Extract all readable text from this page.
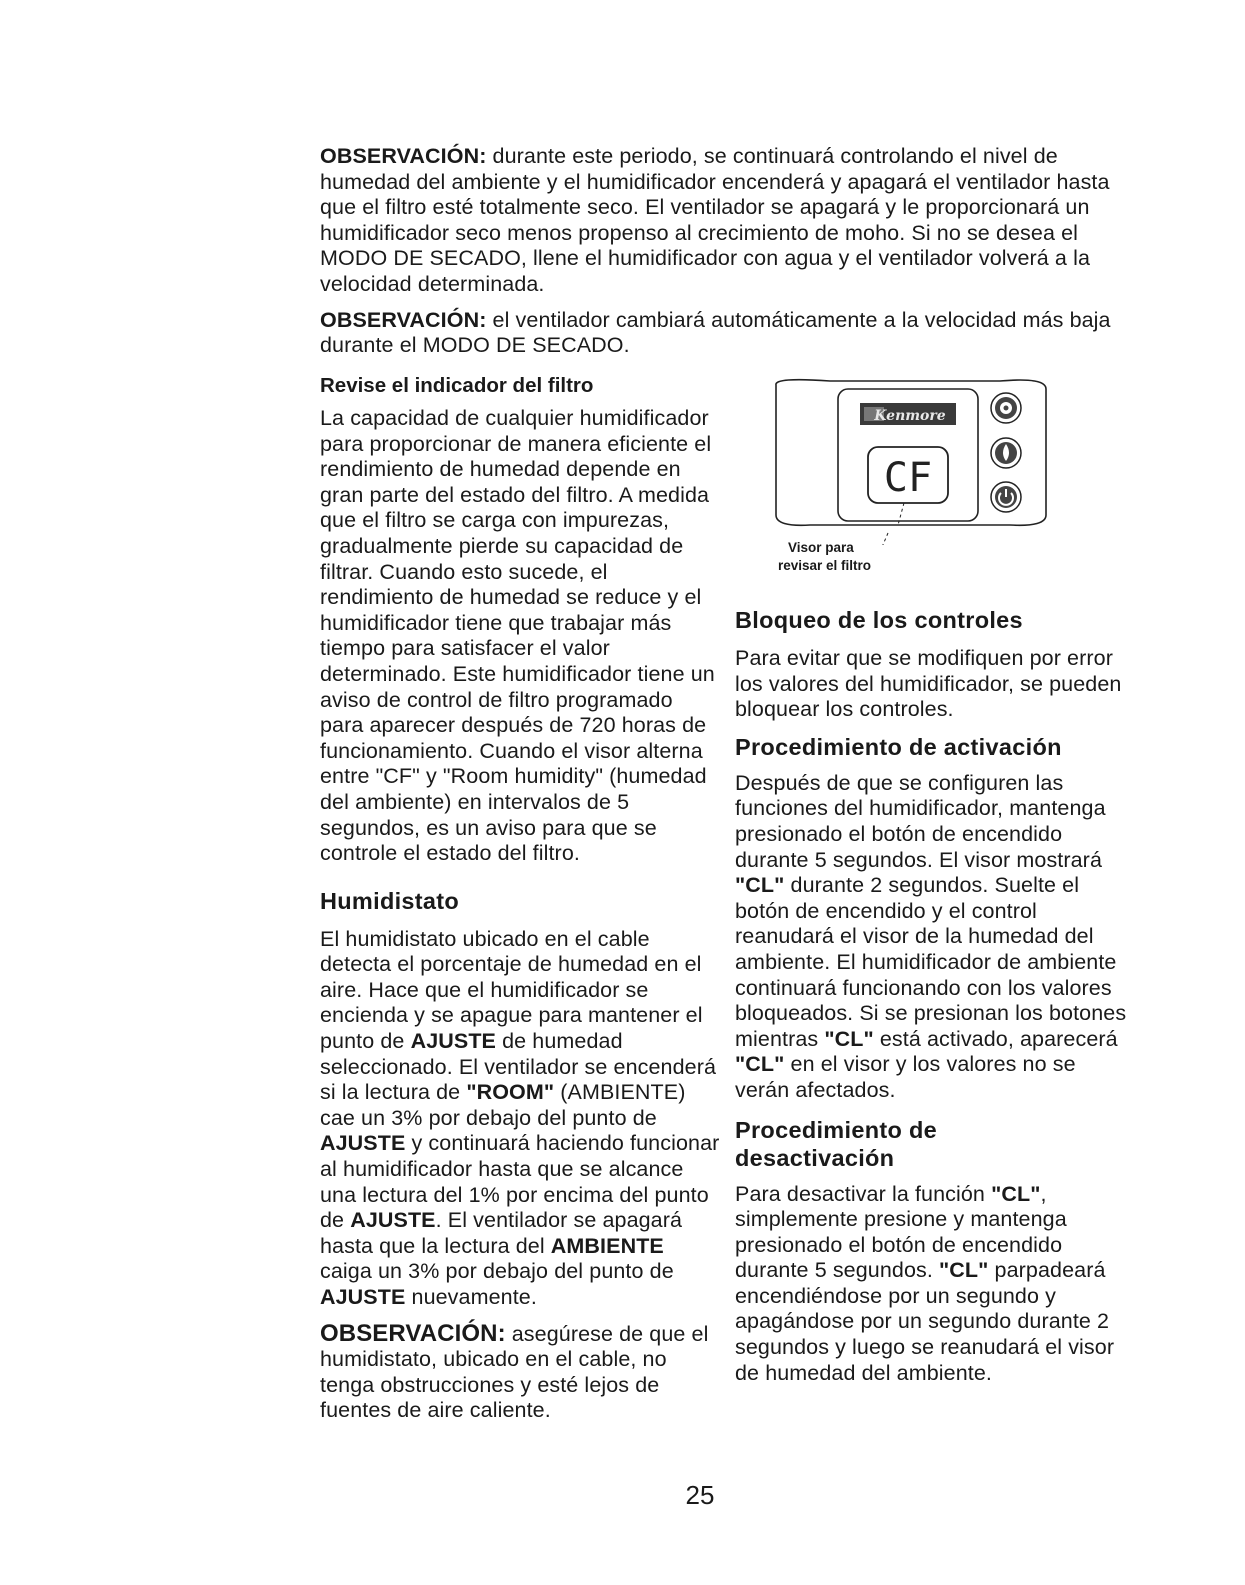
OBSERVACIÓN: durante este periodo, se continuará controlando el nivel de humedad del ambiente y el humidificador encenderá y apagará el ventilador hasta que el filtro esté totalmente seco. El ventilador se apagará y le proporcionará un humidificador seco menos propenso al crecimiento de moho. Si no se desea el MODO DE SECADO, llene el humidificador con agua y el ventilador volverá a la velocidad determinada.

OBSERVACIÓN: el ventilador cambiará automáticamente a la velocidad más baja durante el MODO DE SECADO.

Revise el indicador del filtro

La capacidad de cualquier humidificador para proporcionar de manera eficiente el rendimiento de humedad depende en gran parte del estado del filtro. A medida que el filtro se carga con impurezas, gradualmente pierde su capacidad de filtrar. Cuando esto sucede, el rendimiento de humedad se reduce y el humidificador tiene que trabajar más tiempo para satisfacer el valor determinado. Este humidificador tiene un aviso de control de filtro programado para aparecer después de 720 horas de funcionamiento. Cuando el visor alterna entre "CF" y "Room humidity" (humedad del ambiente) en intervalos de 5 segundos, es un aviso para que se controle el estado del filtro.

Humidistato

El humidistato ubicado en el cable detecta el porcentaje de humedad en el aire. Hace que el humidificador se encienda y se apague para mantener el punto de AJUSTE de humedad seleccionado. El ventilador se encenderá si la lectura de "ROOM" (AMBIENTE) cae un 3% por debajo del punto de AJUSTE y continuará haciendo funcionar al humidificador hasta que se alcance una lectura del 1% por encima del punto de AJUSTE. El ventilador se apagará hasta que la lectura del AMBIENTE caiga un 3% por debajo del punto de AJUSTE nuevamente.

OBSERVACIÓN: asegúrese de que el humidistato, ubicado en el cable, no tenga obstrucciones y esté lejos de fuentes de aire caliente.

Kenmore
CF
Visor para
revisar el filtro
Bloqueo de los controles

Para evitar que se modifiquen por error los valores del humidificador, se pueden bloquear los controles.

Procedimiento de activación

Después de que se configuren las funciones del humidificador, mantenga presionado el botón de encendido durante 5 segundos. El visor mostrará "CL" durante 2 segundos. Suelte el botón de encendido y el control reanudará el visor de la humedad del ambiente. El humidificador de ambiente continuará funcionando con los valores bloqueados. Si se presionan los botones mientras "CL" está activado, aparecerá "CL" en el visor y los valores no se verán afectados.

Procedimiento de
desactivación

Para desactivar la función "CL", simplemente presione y mantenga presionado el botón de encendido durante 5 segundos. "CL" parpadeará encendiéndose por un segundo y apagándose por un segundo durante 2 segundos y luego se reanudará el visor de humedad del ambiente.

25
